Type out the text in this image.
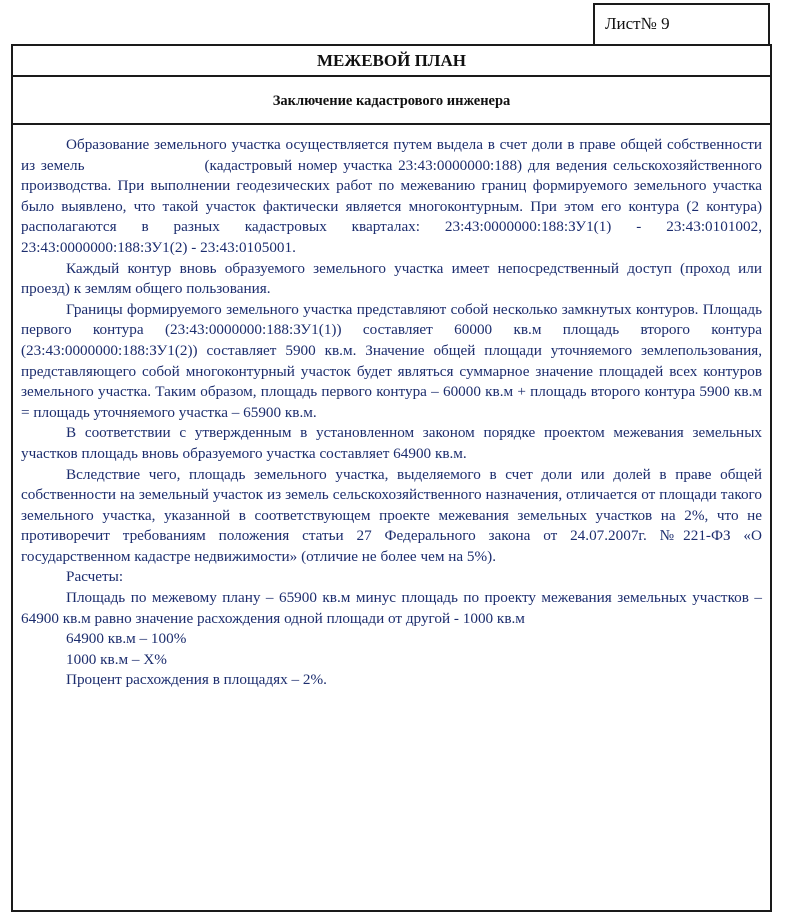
Лист№ 9
МЕЖЕВОЙ ПЛАН
Заключение кадастрового инженера

Образование земельного участка осуществляется путем выдела в счет доли в праве общей собственности из земель	(кадастровый номер участка 23:43:0000000:188) для ведения сельскохозяйственного производства. При выполнении геодезических работ по межеванию границ формируемого земельного участка было выявлено, что такой участок фактически является многоконтурным. При этом его контура (2 контура) располагаются в разных кадастровых кварталах: 23:43:0000000:188:ЗУ1(1) - 23:43:0101002, 23:43:0000000:188:ЗУ1(2) - 23:43:0105001.

Каждый контур вновь образуемого земельного участка имеет непосредственный доступ (проход или проезд) к землям общего пользования.

Границы формируемого земельного участка представляют собой несколько замкнутых контуров. Площадь первого контура (23:43:0000000:188:ЗУ1(1)) составляет 60000 кв.м площадь второго контура (23:43:0000000:188:ЗУ1(2)) составляет 5900 кв.м. Значение общей площади уточняемого землепользования, представляющего собой многоконтурный участок будет являться суммарное значение площадей всех контуров земельного участка. Таким образом, площадь первого контура – 60000 кв.м + площадь второго контура 5900 кв.м = площадь уточняемого участка – 65900 кв.м.

В соответствии с утвержденным в установленном законом порядке проектом межевания земельных участков площадь вновь образуемого участка составляет 64900 кв.м.

Вследствие чего, площадь земельного участка, выделяемого в счет доли или долей в праве общей собственности на земельный участок из земель сельскохозяйственного назначения, отличается от площади такого земельного участка, указанной в соответствующем проекте межевания земельных участков на 2%, что не противоречит требованиям положения статьи 27 Федерального закона от 24.07.2007г. №221-ФЗ «О государственном кадастре недвижимости» (отличие не более чем на 5%).

Расчеты:

Площадь по межевому плану – 65900 кв.м минус площадь по проекту межевания земельных участков – 64900 кв.м равно значение расхождения одной площади от другой - 1000 кв.м

64900 кв.м – 100%
1000 кв.м – Х%
Процент расхождения в площадях – 2%.
